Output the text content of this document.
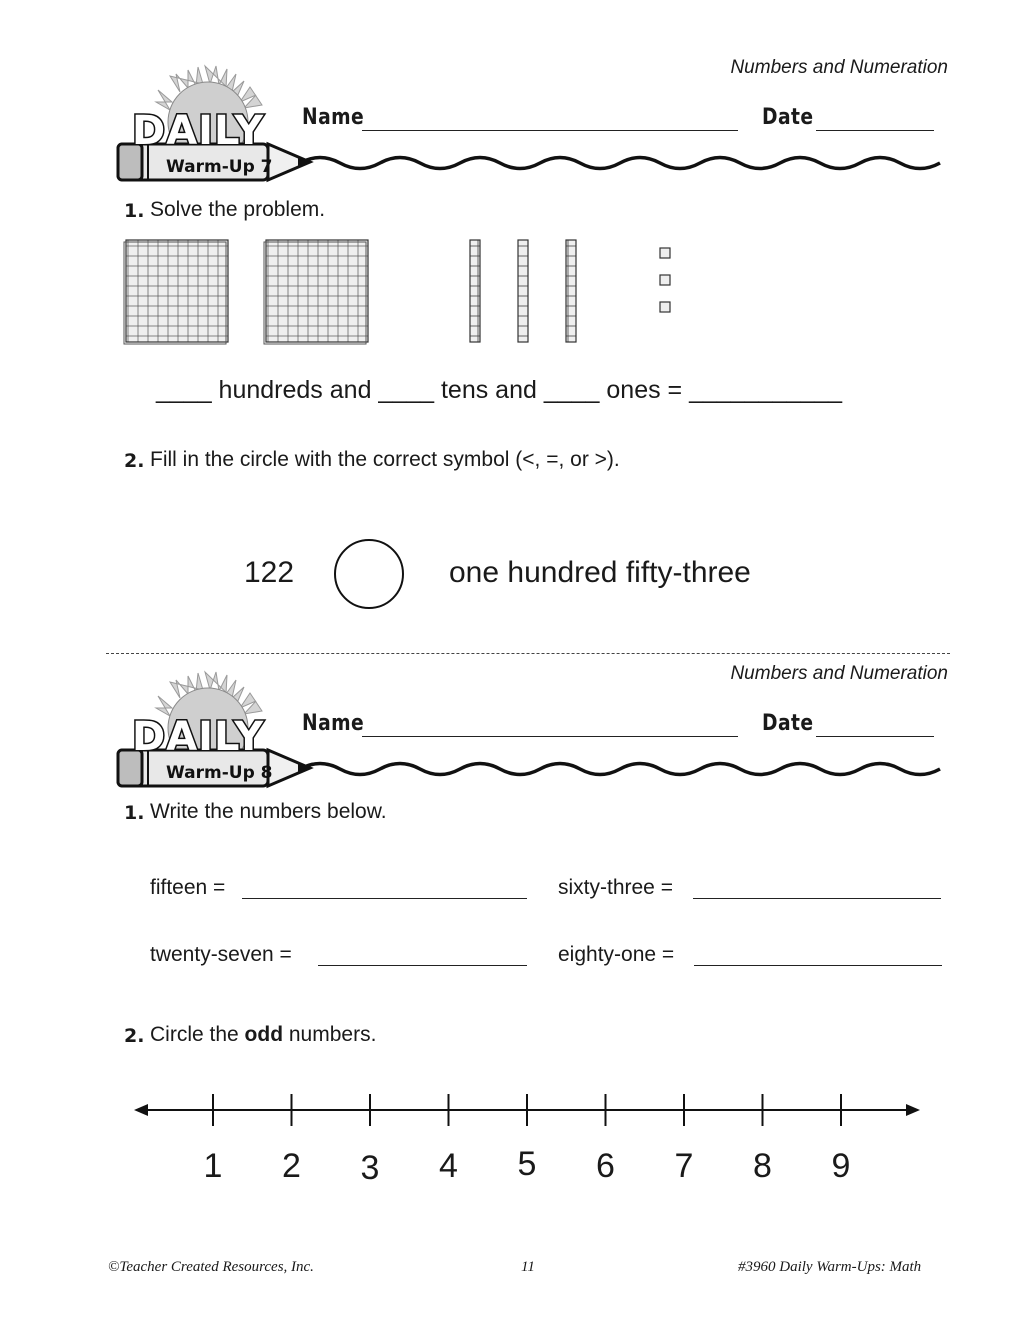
Numbers and Numeration
DAILY
Warm-Up 7
Name	Date
1. Solve the problem.
____ hundreds and ____ tens and ____ ones = ___________
2. Fill in the circle with the correct symbol (<, =, or >).
122	one hundred fifty-three
Numbers and Numeration
DAILY
Warm-Up 8
Name	Date
1. Write the numbers below.
fifteen =	sixty-three =
twenty-seven =	eighty-one =
2. Circle the odd numbers.
1	2	3	4	5	6	7	8	9
©Teacher Created Resources, Inc.	11	#3960 Daily Warm-Ups: Math
